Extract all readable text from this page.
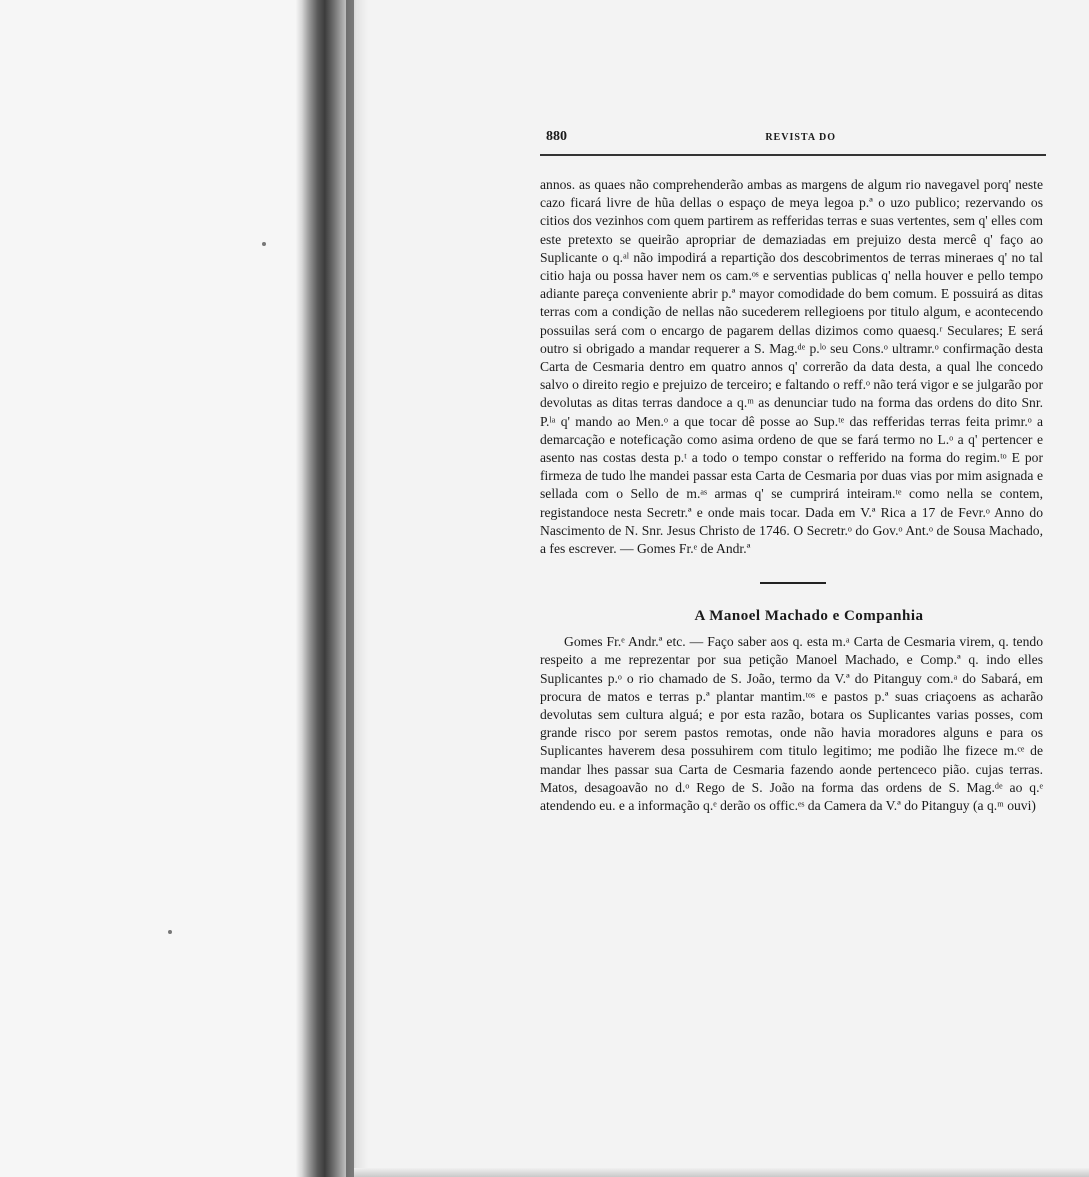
880	REVISTA DO

annos. as quaes não comprehenderão ambas as margens de algum rio navegavel porq' neste cazo ficará livre de hũa dellas o espaço de meya legoa p.ª o uzo publico; rezervando os citios dos vezinhos com quem partirem as refferidas terras e suas vertentes, sem q' elles com este pretexto se queirão apropriar de demaziadas em prejuizo desta mercê q' faço ao Suplicante o q.ᵃˡ não impodirá a repartição dos descobrimentos de terras mineraes q' no tal citio haja ou possa haver nem os cam.ᵒˢ e serventias publicas q' nella houver e pello tempo adiante pareça conveniente abrir p.ª mayor comodidade do bem comum. E possuirá as ditas terras com a condição de nellas não sucederem rellegioens por titulo algum, e acontecendo possuilas será com o encargo de pagarem dellas dizimos como quaesq.ʳ Seculares; E será outro si obrigado a mandar requerer a S. Mag.ᵈᵉ p.ˡᵒ seu Cons.ᵒ ultramr.ᵒ confirmação desta Carta de Cesmaria dentro em quatro annos q' correrão da data desta, a qual lhe concedo salvo o direito regio e prejuizo de terceiro; e faltando o reff.ᵒ não terá vigor e se julgarão por devolutas as ditas terras dandoce a q.ᵐ as denunciar tudo na forma das ordens do dito Snr. P.ˡᵃ q' mando ao Men.ᵒ a que tocar dê posse ao Sup.ᵗᵉ das refferidas terras feita primr.ᵒ a demarcação e noteficação como asima ordeno de que se fará termo no L.ᵒ a q' pertencer e asento nas costas desta p.ᵗ a todo o tempo constar o refferido na forma do regim.ᵗᵒ E por firmeza de tudo lhe mandei passar esta Carta de Cesmaria por duas vias por mim asignada e sellada com o Sello de m.ᵃˢ armas q' se cumprirá inteiram.ᵗᵉ como nella se contem, registandoce nesta Secretr.ª e onde mais tocar. Dada em V.ª Rica a 17 de Fevr.ᵒ Anno do Nascimento de N. Snr. Jesus Christo de 1746. O Secretr.ᵒ do Gov.ᵒ Ant.ᵒ de Sousa Machado, a fes escrever. — Gomes Fr.ᵉ de Andr.ª

A Manoel Machado e Companhia

Gomes Fr.ᵉ Andr.ª etc. — Faço saber aos q. esta m.ᵃ Carta de Cesmaria virem, q. tendo respeito a me reprezentar por sua petição Manoel Machado, e Comp.ª q. indo elles Suplicantes p.ᵒ o rio chamado de S. João, termo da V.ª do Pitanguy com.ᵃ do Sabará, em procura de matos e terras p.ª plantar mantim.ᵗᵒˢ e pastos p.ª suas criaçoens as acharão devolutas sem cultura alguá; e por esta razão, botara os Suplicantes varias posses, com grande risco por serem pastos remotas, onde não havia moradores alguns e para os Suplicantes haverem desa possuhirem com titulo legitimo; me podião lhe fizece m.ᶜᵉ de mandar lhes passar sua Carta de Cesmaria fazendo aonde pertenceco pião. cujas terras. Matos, desagoavão no d.ᵒ Rego de S. João na forma das ordens de S. Mag.ᵈᵉ ao q.ᵉ atendendo eu. e a informação q.ᵉ derão os offic.ᵉˢ da Camera da V.ª do Pitanguy (a q.ᵐ ouvi)
